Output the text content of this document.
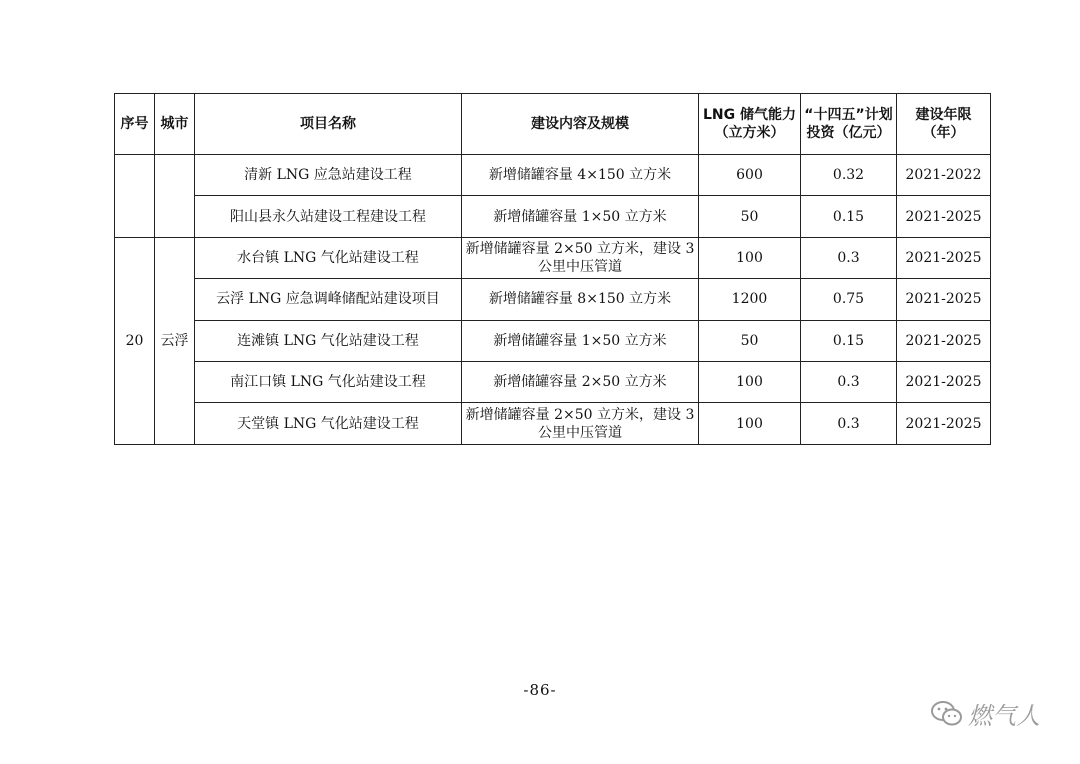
序号	城市	项目名称	建设内容及规模	LNG 储气能力（立方米）	“十四五”计划投资（亿元）	建设年限（年）
		清新 LNG 应急站建设工程	新增储罐容量 4×150 立方米	600	0.32	2021-2022
		阳山县永久站建设工程建设工程	新增储罐容量 1×50 立方米	50	0.15	2021-2025
20	云浮	水台镇 LNG 气化站建设工程	新增储罐容量 2×50 立方米，建设 3 公里中压管道	100	0.3	2021-2025
		云浮 LNG 应急调峰储配站建设项目	新增储罐容量 8×150 立方米	1200	0.75	2021-2025
		连滩镇 LNG 气化站建设工程	新增储罐容量 1×50 立方米	50	0.15	2021-2025
		南江口镇 LNG 气化站建设工程	新增储罐容量 2×50 立方米	100	0.3	2021-2025
		天堂镇 LNG 气化站建设工程	新增储罐容量 2×50 立方米，建设 3 公里中压管道	100	0.3	2021-2025
-86-
燃气人
